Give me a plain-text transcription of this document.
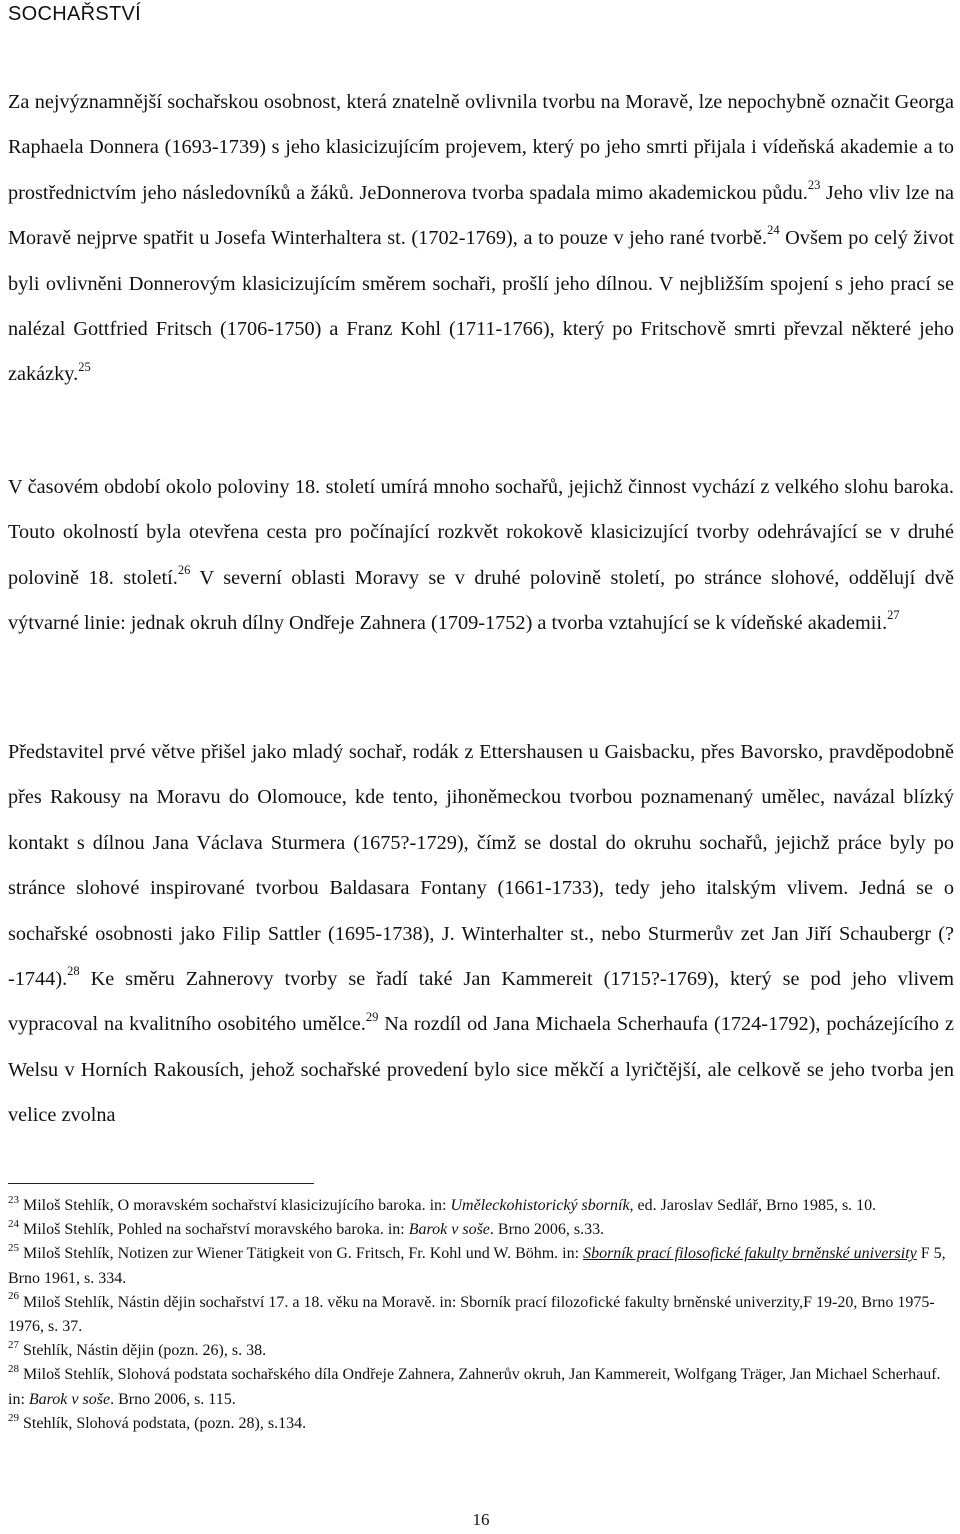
SOCHAŘSTVÍ
Za nejvýznamnější sochařskou osobnost, která znatelně ovlivnila tvorbu na Moravě, lze nepochybně označit Georga Raphaela Donnera (1693-1739) s jeho klasicizujícím projevem, který po jeho smrti přijala i vídeňská akademie a to prostřednictvím jeho následovníků a žáků. JeDonnerova tvorba spadala mimo akademickou půdu.$^{23}$ Jeho vliv lze na Moravě nejprve spatřit u Josefa Winterhaltera st. (1702-1769), a to pouze v jeho rané tvorbě.$^{24}$ Ovšem po celý život byli ovlivněni Donnerovým klasicizujícím směrem sochaři, prošlí jeho dílnou. V nejbližším spojení s jeho prací se nalézal Gottfried Fritsch (1706-1750) a Franz Kohl (1711-1766), který po Fritschově smrti převzal některé jeho zakázky.$^{25}$
V časovém období okolo poloviny 18. století umírá mnoho sochařů, jejichž činnost vychází z velkého slohu baroka. Touto okolností byla otevřena cesta pro počínající rozkvět rokokově klasicizující tvorby odehrávající se v druhé polovině 18. století.$^{26}$ V severní oblasti Moravy se v druhé polovině století, po stránce slohové, oddělují dvě výtvarné linie: jednak okruh dílny Ondřeje Zahnera (1709-1752) a tvorba vztahující se k vídeňské akademii.$^{27}$
Představitel prvé větve přišel jako mladý sochař, rodák z Ettershausen u Gaisbacku, přes Bavorsko, pravděpodobně přes Rakousy na Moravu do Olomouce, kde tento, jihoněmeckou tvorbou poznamenaný umělec, navázal blízký kontakt s dílnou Jana Václava Sturmera (1675?-1729), čímž se dostal do okruhu sochařů, jejichž práce byly po stránce slohové inspirované tvorbou Baldasara Fontany (1661-1733), tedy jeho italským vlivem. Jedná se o sochařské osobnosti jako Filip Sattler (1695-1738), J. Winterhalter st., nebo Sturmerův zet Jan Jiří Schaubergr (?-1744).$^{28}$ Ke směru Zahnerovy tvorby se řadí také Jan Kammereit (1715?-1769), který se pod jeho vlivem vypracoval na kvalitního osobitého umělce.$^{29}$ Na rozdíl od Jana Michaela Scherhaufa (1724-1792), pocházejícího z Welsu v Horních Rakousích, jehož sochařské provedení bylo sice měkčí a lyričtější, ale celkově se jeho tvorba jen velice zvolna
$^{23}$ Miloš Stehlík, O moravském sochařství klasicizujícího baroka. in: Uměleckohistorický sborník, ed. Jaroslav Sedlář, Brno 1985, s. 10.
$^{24}$ Miloš Stehlík, Pohled na sochařství moravského baroka. in: Barok v soše. Brno 2006, s.33.
$^{25}$ Miloš Stehlík, Notizen zur Wiener Tätigkeit von G. Fritsch, Fr. Kohl und W. Böhm. in: Sborník prací filosofické fakulty brněnské university F 5, Brno 1961, s. 334.
$^{26}$ Miloš Stehlík, Nástin dějin sochařství 17. a 18. věku na Moravě. in: Sborník prací filozofické fakulty brněnské univerzity,F 19-20, Brno 1975-1976, s. 37.
$^{27}$ Stehlík, Nástin dějin (pozn. 26), s. 38.
$^{28}$ Miloš Stehlík, Slohová podstata sochařského díla Ondřeje Zahnera, Zahnerův okruh, Jan Kammereit, Wolfgang Träger, Jan Michael Scherhauf. in: Barok v soše. Brno 2006, s. 115.
$^{29}$ Stehlík, Slohová podstata, (pozn. 28), s.134.
16
